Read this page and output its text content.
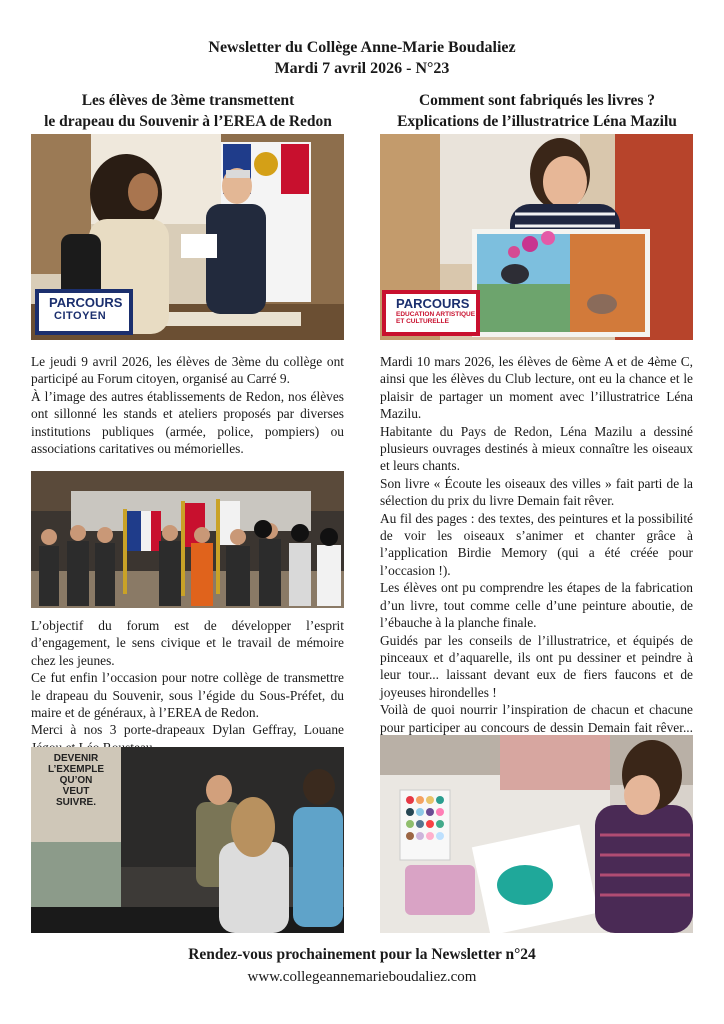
Newsletter du Collège Anne-Marie Boudaliez
Mardi 7 avril 2026 - N°23
Les élèves de 3ème transmettent
le drapeau du Souvenir à l’EREA de Redon
Comment sont fabriqués les livres ?
Explications de l’illustratrice Léna Mazilu
PARCOURS
CITOYEN

Le jeudi 9 avril 2026, les élèves de 3ème du collège ont participé au Forum citoyen, organisé au Carré 9.

À l’image des autres établissements de Redon, nos élèves ont sillonné les stands et ateliers proposés par diverses institutions publiques (armée, police, pompiers) ou associations caritatives ou mémorielles.

L’objectif du forum est de développer l’esprit d’engagement, le sens civique et le travail de mémoire chez les jeunes.

Ce fut enfin l’occasion pour notre collège de transmettre le drapeau du Souvenir, sous l’égide du Sous-Préfet, du maire et de généraux, à l’EREA de Redon.

Merci à nos 3 porte-drapeaux Dylan Geffray, Louane

DEVENIR
L’EXEMPLE
QU’ON
VEUT
SUIVRE.
PARCOURS
EDUCATION ARTISTIQUE ET CULTURELLE

Mardi 10 mars 2026, les élèves de 6ème A et de 4ème C, ainsi que les élèves du Club lecture, ont eu la chance et le plaisir de partager un moment avec l’illustratrice Léna Mazilu.

Habitante du Pays de Redon, Léna Mazilu a dessiné plusieurs ouvrages destinés à mieux connaître les oiseaux et leurs chants.

Son livre « Écoute les oiseaux des villes » fait parti de la sélection du prix du livre Demain fait rêver.

Au fil des pages : des textes, des peintures et la possibilité de voir les oiseaux s’animer et chanter grâce à l’application Birdie Memory (qui a été créée pour l’occasion !).

Les élèves ont pu comprendre les étapes de la fabrication d’un livre, tout comme celle d’une peinture aboutie, de l’ébauche à la planche finale.

Guidés par les conseils de l’illustratrice, et équipés de pinceaux et d’aquarelle, ils ont pu dessiner et peindre à leur tour... laissant devant eux de fiers faucons et de joyeuses hirondelles !

Voilà de quoi nourrir l’inspiration de chacun et chacune pour participer au concours de dessin Demain fait rêver...

Rendez-vous prochainement pour la Newsletter n°24
www.collegeannemarieboudaliez.com
